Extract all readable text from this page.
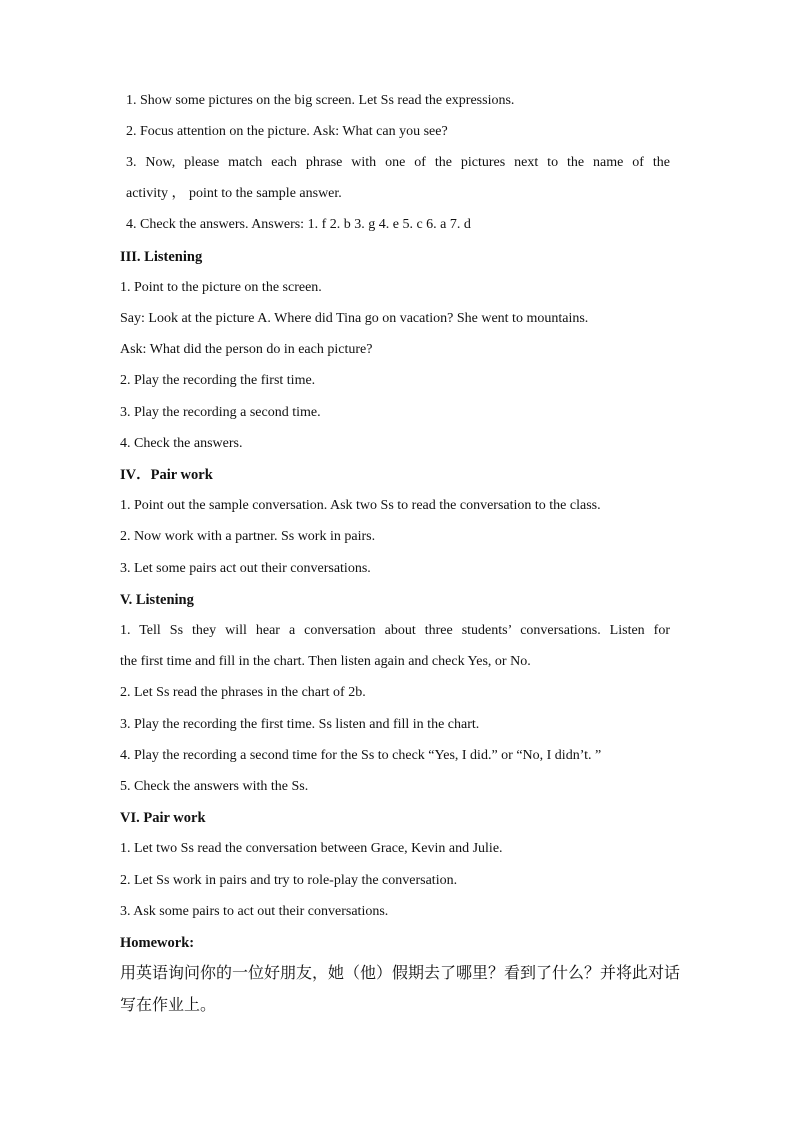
1. Show some pictures on the big screen. Let Ss read the expressions.
2. Focus attention on the picture. Ask: What can you see?
3. Now, please match each phrase with one of the pictures next to the name of the
activity ， point to the sample answer.
4. Check the answers. Answers: 1. f 2. b 3. g 4. e 5. c 6. a 7. d
III. Listening
1. Point to the picture on the screen.
Say: Look at the picture A. Where did Tina go on vacation? She went to mountains.
Ask: What did the person do in each picture?
2. Play the recording the first time.
3. Play the recording a second time.
4. Check the answers.
IV．Pair work
1. Point out the sample conversation. Ask two Ss to read the conversation to the class.
2. Now work with a partner. Ss work in pairs.
3. Let some pairs act out their conversations.
V. Listening
1. Tell Ss they will hear a conversation about three students’ conversations. Listen for
the first time and fill in the chart. Then listen again and check Yes, or No.
2. Let Ss read the phrases in the chart of 2b.
3. Play the recording the first time. Ss listen and fill in the chart.
4. Play the recording a second time for the Ss to check “Yes, I did.” or “No, I didn’t. ”
5. Check the answers with the Ss.
VI. Pair work
1. Let two Ss read the conversation between Grace, Kevin and Julie.
2. Let Ss work in pairs and try to role-play the conversation.
3. Ask some pairs to act out their conversations.
Homework:
用英语询问你的一位好朋友，她（他）假期去了哪里？看到了什么？并将此对话
写在作业上。
